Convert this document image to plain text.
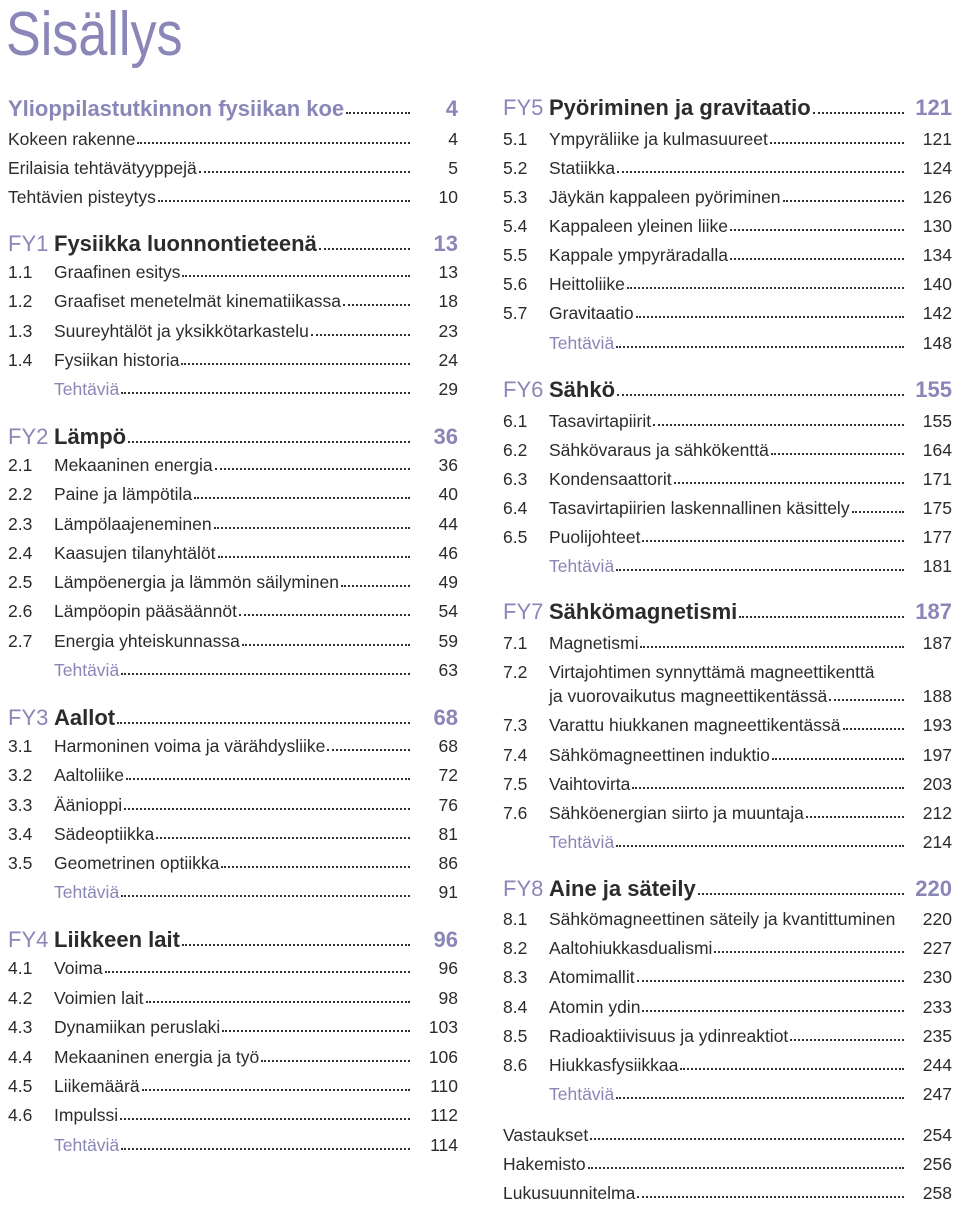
Sisällys
Ylioppilastutkinnon fysiikan koe	4
Kokeen rakenne	4
Erilaisia tehtävätyyppejä	5
Tehtävien pisteytys	10
FY1 Fysiikka luonnontieteenä	13
1.1 Graafinen esitys	13
1.2 Graafiset menetelmät kinematiikassa	18
1.3 Suureyhtälöt ja yksikkötarkastelu	23
1.4 Fysiikan historia	24
Tehtäviä	29
FY2 Lämpö	36
2.1 Mekaaninen energia	36
2.2 Paine ja lämpötila	40
2.3 Lämpölaajeneminen	44
2.4 Kaasujen tilanyhtälöt	46
2.5 Lämpöenergia ja lämmön säilyminen	49
2.6 Lämpöopin pääsäännöt	54
2.7 Energia yhteiskunnassa	59
Tehtäviä	63
FY3 Aallot	68
3.1 Harmoninen voima ja värähdysliike	68
3.2 Aaltoliike	72
3.3 Äänioppi	76
3.4 Sädeoptiikka	81
3.5 Geometrinen optiikka	86
Tehtäviä	91
FY4 Liikkeen lait	96
4.1 Voima	96
4.2 Voimien lait	98
4.3 Dynamiikan peruslaki	103
4.4 Mekaaninen energia ja työ	106
4.5 Liikemäärä	110
4.6 Impulssi	112
Tehtäviä	114
FY5 Pyöriminen ja gravitaatio	121
5.1 Ympyräliike ja kulmasuureet	121
5.2 Statiikka	124
5.3 Jäykän kappaleen pyöriminen	126
5.4 Kappaleen yleinen liike	130
5.5 Kappale ympyräradalla	134
5.6 Heittoliike	140
5.7 Gravitaatio	142
Tehtäviä	148
FY6 Sähkö	155
6.1 Tasavirtapiirit	155
6.2 Sähkövaraus ja sähkökenttä	164
6.3 Kondensaattorit	171
6.4 Tasavirtapiirien laskennallinen käsittely	175
6.5 Puolijohteet	177
Tehtäviä	181
FY7 Sähkömagnetismi	187
7.1 Magnetismi	187
7.2 Virtajohtimen synnyttämä magneettikenttä
ja vuorovaikutus magneettikentässä	188
7.3 Varattu hiukkanen magneettikentässä	193
7.4 Sähkömagneettinen induktio	197
7.5 Vaihtovirta	203
7.6 Sähköenergian siirto ja muuntaja	212
Tehtäviä	214
FY8 Aine ja säteily	220
8.1 Sähkömagneettinen säteily ja kvantittuminen 220
8.2 Aaltohiukkasdualismi	227
8.3 Atomimallit	230
8.4 Atomin ydin	233
8.5 Radioaktiivisuus ja ydinreaktiot	235
8.6 Hiukkasfysiikkaa	244
Tehtäviä	247
Vastaukset	254
Hakemisto	256
Lukusuunnitelma	258
